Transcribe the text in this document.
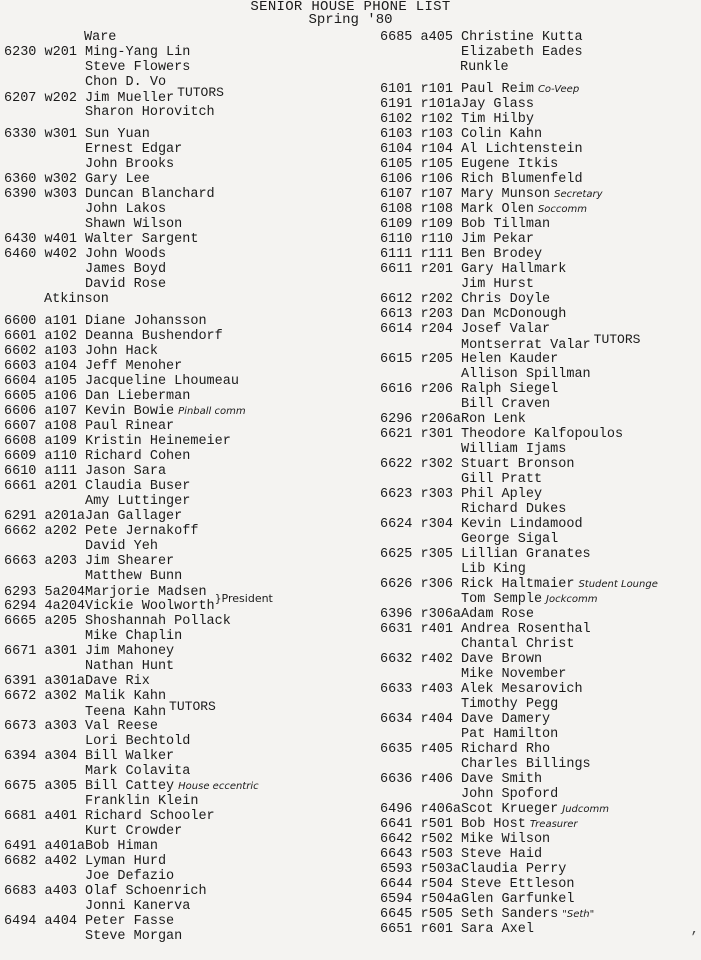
SENIOR HOUSE PHONE LIST
Spring '80
Ware
6230 w201 Ming-Yang Lin
Steve Flowers
Chon D. Vo
6207 w202 Jim Mueller TUTORS
Sharon Horovitch
6330 w301 Sun Yuan
Ernest Edgar
John Brooks
6360 w302 Gary Lee
6390 w303 Duncan Blanchard
John Lakos
Shawn Wilson
6430 w401 Walter Sargent
6460 w402 John Woods
James Boyd
David Rose
Atkinson
6600 a101 Diane Johansson
6601 a102 Deanna Bushendorf
6602 a103 John Hack
6603 a104 Jeff Menoher
6604 a105 Jacqueline Lhoumeau
6605 a106 Dan Lieberman
6606 a107 Kevin Bowie Pinball comm
6607 a108 Paul Rinear
6608 a109 Kristin Heinemeier
6609 a110 Richard Cohen
6610 a111 Jason Sara
6661 a201 Claudia Buser
Amy Luttinger
6291 a201aJan Gallager
6662 a202 Pete Jernakoff
David Yeh
6663 a203 Jim Shearer
Matthew Bunn
6293 5a204Marjorie Madsen $_{\}President}$
6294 4a204Vickie Woolworth
6665 a205 Shoshannah Pollack
Mike Chaplin
6671 a301 Jim Mahoney
Nathan Hunt
6391 a301aDave Rix
6672 a302 Malik Kahn
Teena Kahn TUTORS
6673 a303 Val Reese
Lori Bechtold
6394 a304 Bill Walker
Mark Colavita
6675 a305 Bill Cattey House eccentric
Franklin Klein
6681 a401 Richard Schooler
Kurt Crowder
6491 a401aBob Himan
6682 a402 Lyman Hurd
Joe Defazio
6683 a403 Olaf Schoenrich
Jonni Kanerva
6494 a404 Peter Fasse
Steve Morgan
6685 a405 Christine Kutta
Elizabeth Eades
Runkle
6101 r101 Paul Reim Co-Veep
6191 r101aJay Glass
6102 r102 Tim Hilby
6103 r103 Colin Kahn
6104 r104 Al Lichtenstein
6105 r105 Eugene Itkis
6106 r106 Rich Blumenfeld
6107 r107 Mary Munson Secretary
6108 r108 Mark Olen Soccomm
6109 r109 Bob Tillman
6110 r110 Jim Pekar
6111 r111 Ben Brodey
6611 r201 Gary Hallmark
Jim Hurst
6612 r202 Chris Doyle
6613 r203 Dan McDonough
6614 r204 Josef Valar
Montserrat Valar TUTORS
6615 r205 Helen Kauder
Allison Spillman
6616 r206 Ralph Siegel
Bill Craven
6296 r206aRon Lenk
6621 r301 Theodore Kalfopoulos
William Ijams
6622 r302 Stuart Bronson
Gill Pratt
6623 r303 Phil Apley
Richard Dukes
6624 r304 Kevin Lindamood
George Sigal
6625 r305 Lillian Granates
Lib King
6626 r306 Rick Haltmaier Student Lounge
Tom Semple Jockcomm
6396 r306aAdam Rose
6631 r401 Andrea Rosenthal
Chantal Christ
6632 r402 Dave Brown
Mike November
6633 r403 Alek Mesarovich
Timothy Pegg
6634 r404 Dave Damery
Pat Hamilton
6635 r405 Richard Rho
Charles Billings
6636 r406 Dave Smith
John Spoford
6496 r406aScot Krueger Judcomm
6641 r501 Bob Host Treasurer
6642 r502 Mike Wilson
6643 r503 Steve Haid
6593 r503aClaudia Perry
6644 r504 Steve Ettleson
6594 r504aGlen Garfunkel
6645 r505 Seth Sanders "Seth"
6651 r601 Sara Axel
’
